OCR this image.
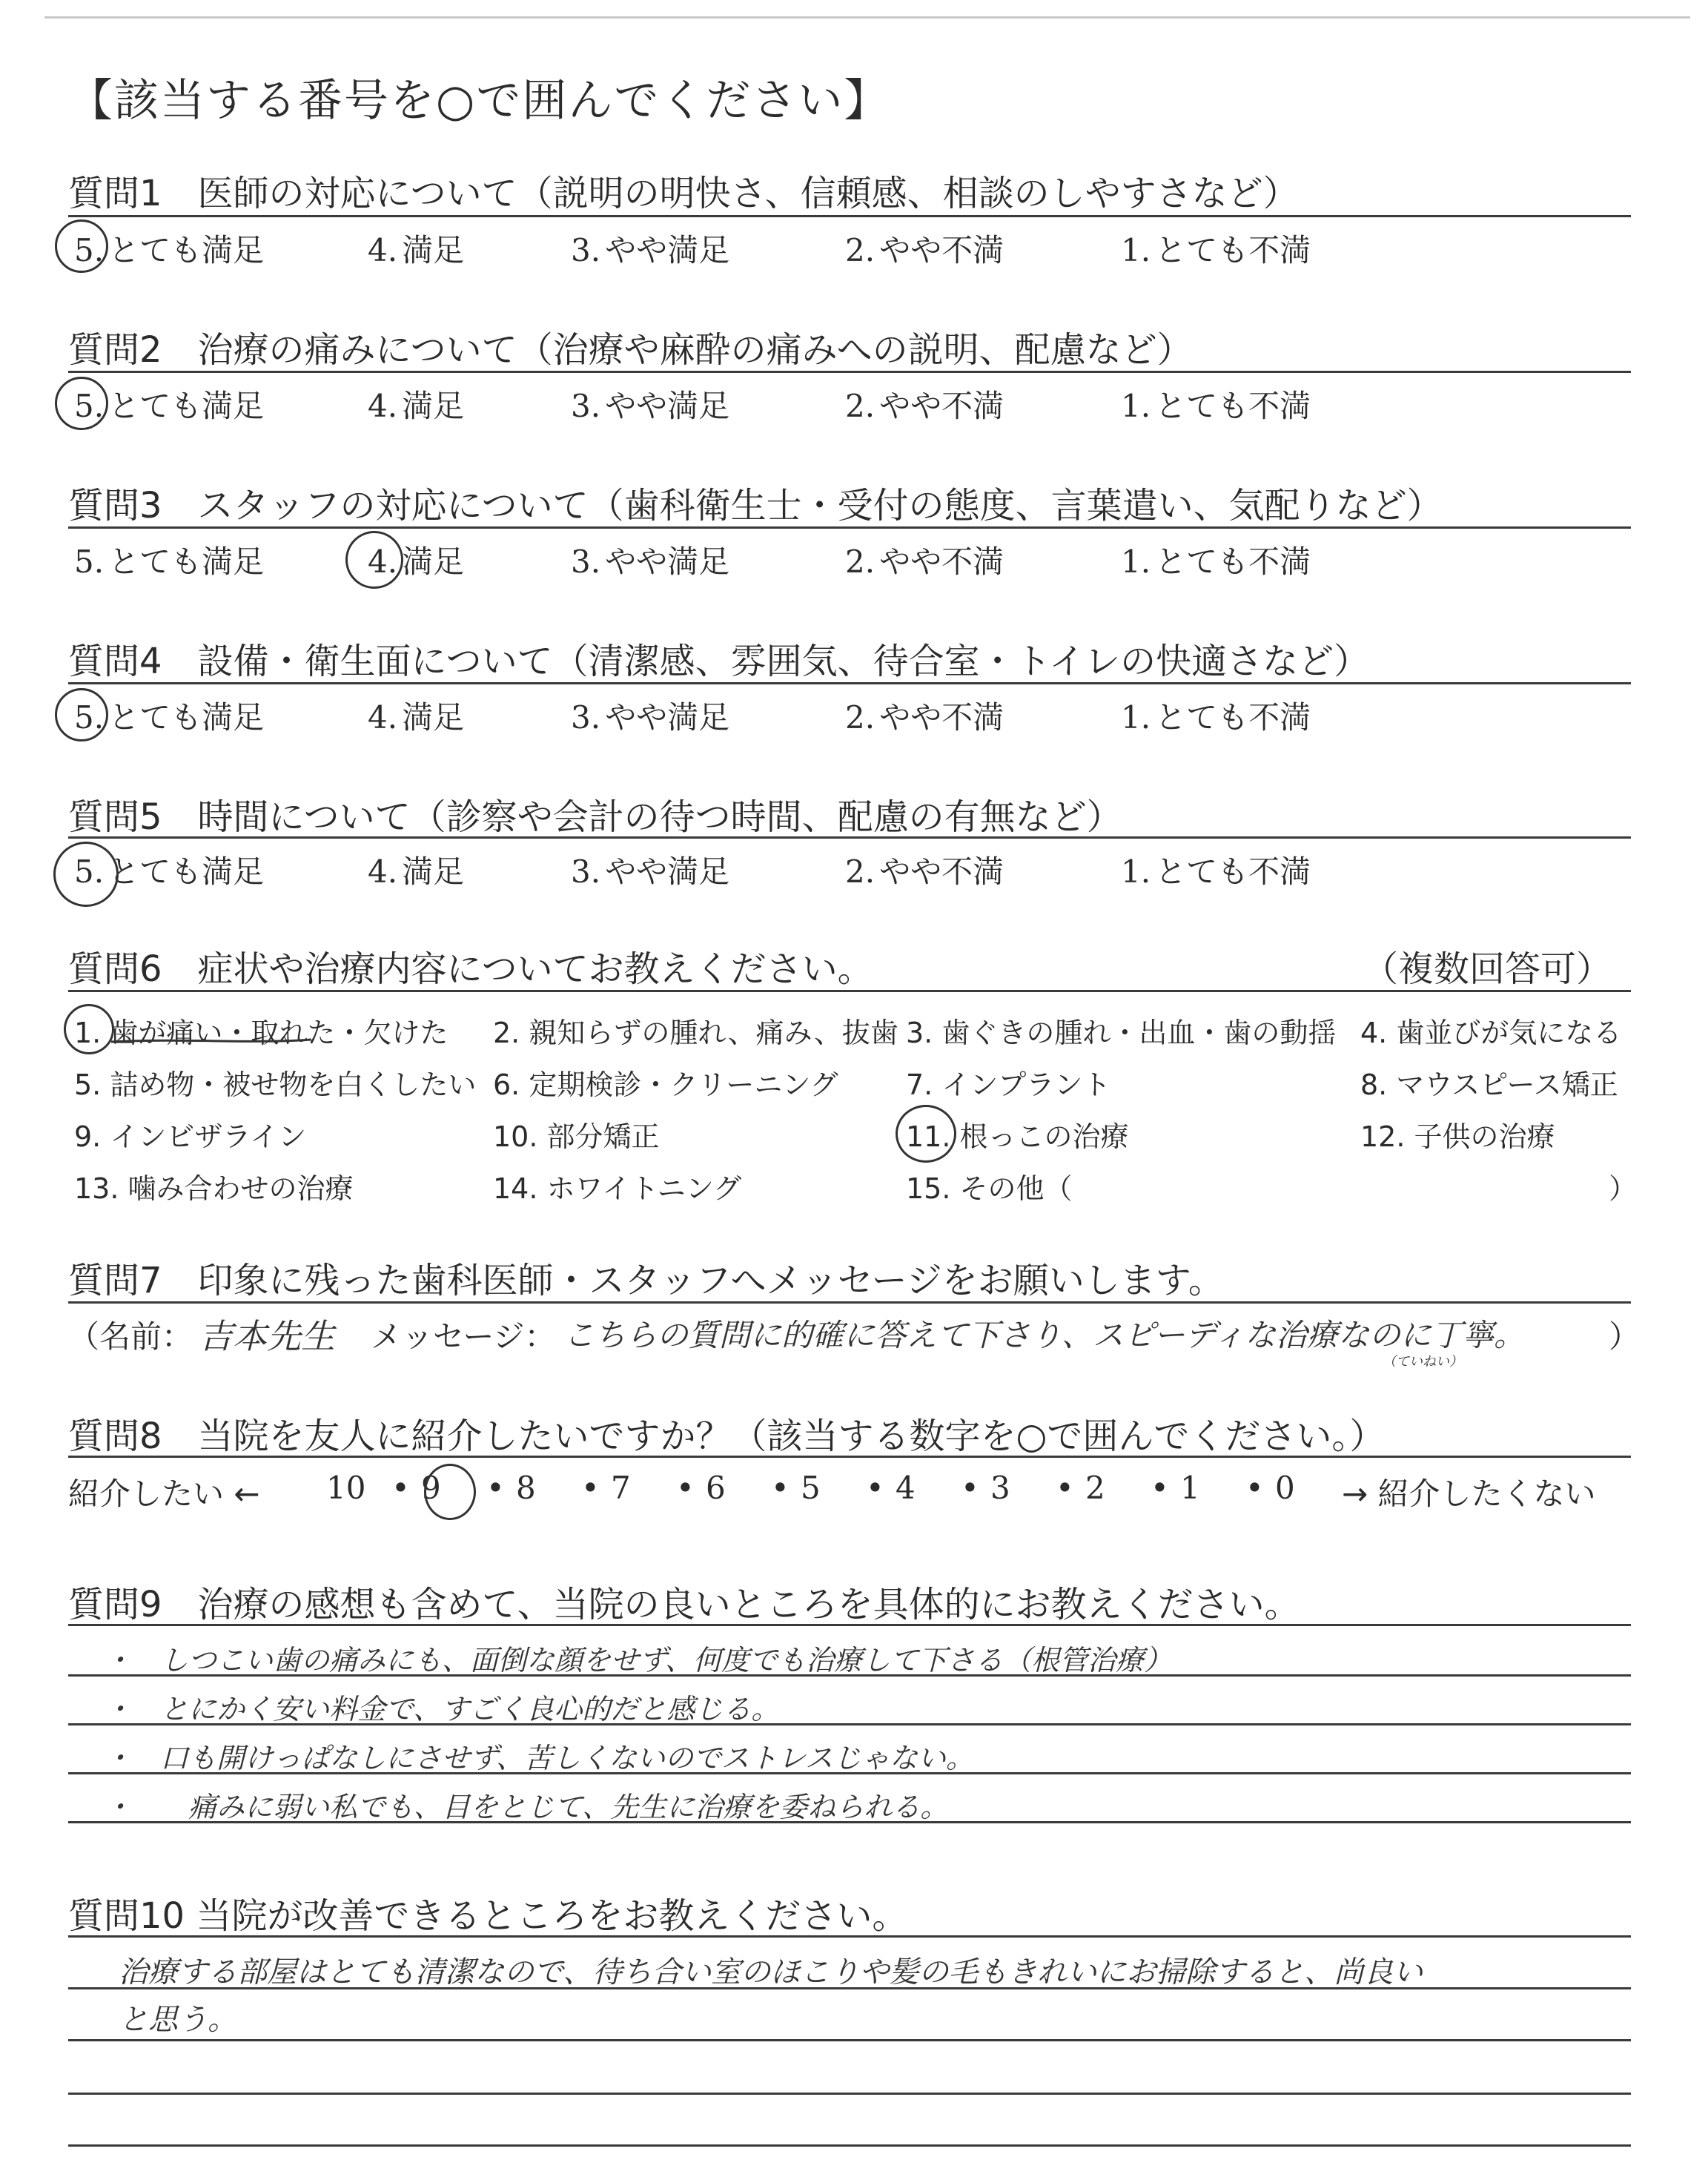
【該当する番号を○で囲んでください】
質問1　医師の対応について（説明の明快さ、信頼感、相談のしやすさなど）
5. とても満足	4. 満足	3. やや満足	2. やや不満	1. とても不満
質問2　治療の痛みについて（治療や麻酔の痛みへの説明、配慮など）
5. とても満足	4. 満足	3. やや満足	2. やや不満	1. とても不満
質問3　スタッフの対応について（歯科衛生士・受付の態度、言葉遣い、気配りなど）
5. とても満足	4. 満足	3. やや満足	2. やや不満	1. とても不満
質問4　設備・衛生面について（清潔感、雰囲気、待合室・トイレの快適さなど）
5. とても満足	4. 満足	3. やや満足	2. やや不満	1. とても不満
質問5　時間について（診察や会計の待つ時間、配慮の有無など）
5. とても満足	4. 満足	3. やや満足	2. やや不満	1. とても不満
質問6　症状や治療内容についてお教えください。	（複数回答可）
1. 歯が痛い・取れた・欠けた 2. 親知らずの腫れ、痛み、抜歯 3. 歯ぐきの腫れ・出血・歯の動揺 4. 歯並びが気になる
5. 詰め物・被せ物を白くしたい 6. 定期検診・クリーニング 7. インプラント	8. マウスピース矯正
9. インビザライン	10. 部分矯正	11. 根っこの治療	12. 子供の治療
13. 噛み合わせの治療	14. ホワイトニング	15. その他（	）
質問7　印象に残った歯科医師・スタッフへメッセージをお願いします。
（名前： 吉本先生 メッセージ： こちらの質問に的確に答えて下さり、スピーディな治療なのに丁寧。
（ていねい）
）
質問8　当院を友人に紹介したいですか？（該当する数字を○で囲んでください。）
紹介したい ← 10 • 9 • 8 • 7 • 6 • 5 • 4 • 3 • 2 • 1 • 0 → 紹介したくない
質問9　治療の感想も含めて、当院の良いところを具体的にお教えください。
・　しつこい歯の痛みにも、面倒な顔をせず、何度でも治療して下さる（根管治療）
・　とにかく安い料金で、すごく良心的だと感じる。
・　口も開けっぱなしにさせず、苦しくないのでストレスじゃない。
・　　痛みに弱い私でも、目をとじて、先生に治療を委ねられる。
質問10 当院が改善できるところをお教えください。
治療する部屋はとても清潔なので、待ち合い室のほこりや髪の毛もきれいにお掃除すると、尚良い
と思う。
